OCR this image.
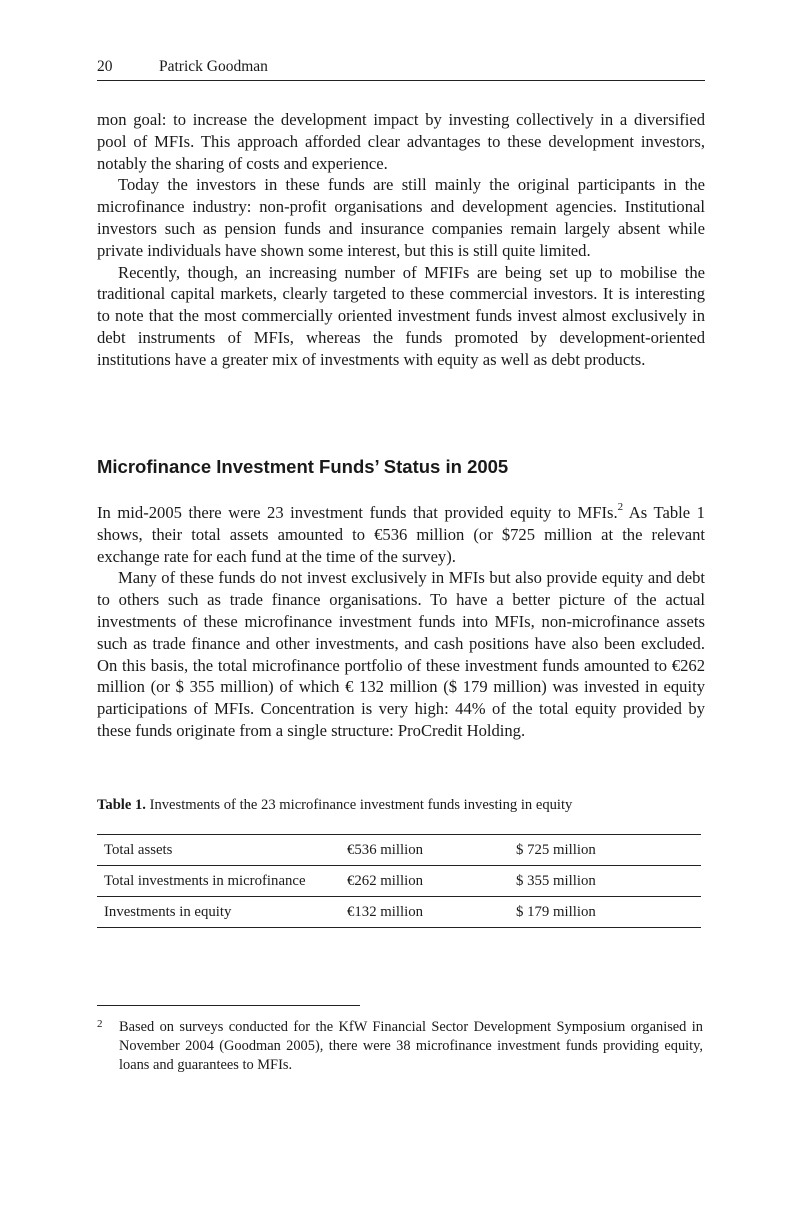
20	Patrick Goodman

mon goal: to increase the development impact by investing collectively in a diversified pool of MFIs. This approach afforded clear advantages to these development investors, notably the sharing of costs and experience.

Today the investors in these funds are still mainly the original participants in the microfinance industry: non-profit organisations and development agencies. Institutional investors such as pension funds and insurance companies remain largely absent while private individuals have shown some interest, but this is still quite limited.

Recently, though, an increasing number of MFIFs are being set up to mobilise the traditional capital markets, clearly targeted to these commercial investors. It is interesting to note that the most commercially oriented investment funds invest almost exclusively in debt instruments of MFIs, whereas the funds promoted by development-oriented institutions have a greater mix of investments with equity as well as debt products.

Microfinance Investment Funds’ Status in 2005

In mid-2005 there were 23 investment funds that provided equity to MFIs.$^2$ As Table 1 shows, their total assets amounted to €536 million (or $725 million at the relevant exchange rate for each fund at the time of the survey).

Many of these funds do not invest exclusively in MFIs but also provide equity and debt to others such as trade finance organisations. To have a better picture of the actual investments of these microfinance investment funds into MFIs, non-microfinance assets such as trade finance and other investments, and cash positions have also been excluded. On this basis, the total microfinance portfolio of these investment funds amounted to €262 million (or $ 355 million) of which € 132 million ($ 179 million) was invested in equity participations of MFIs. Concentration is very high: 44% of the total equity provided by these funds originate from a single structure: ProCredit Holding.

Table 1. Investments of the 23 microfinance investment funds investing in equity
Total assets	€536 million	$ 725 million
Total investments in microfinance	€262 million	$ 355 million
Investments in equity	€132 million	$ 179 million
2 Based on surveys conducted for the KfW Financial Sector Development Symposium organised in November 2004 (Goodman 2005), there were 38 microfinance investment funds providing equity, loans and guarantees to MFIs.
